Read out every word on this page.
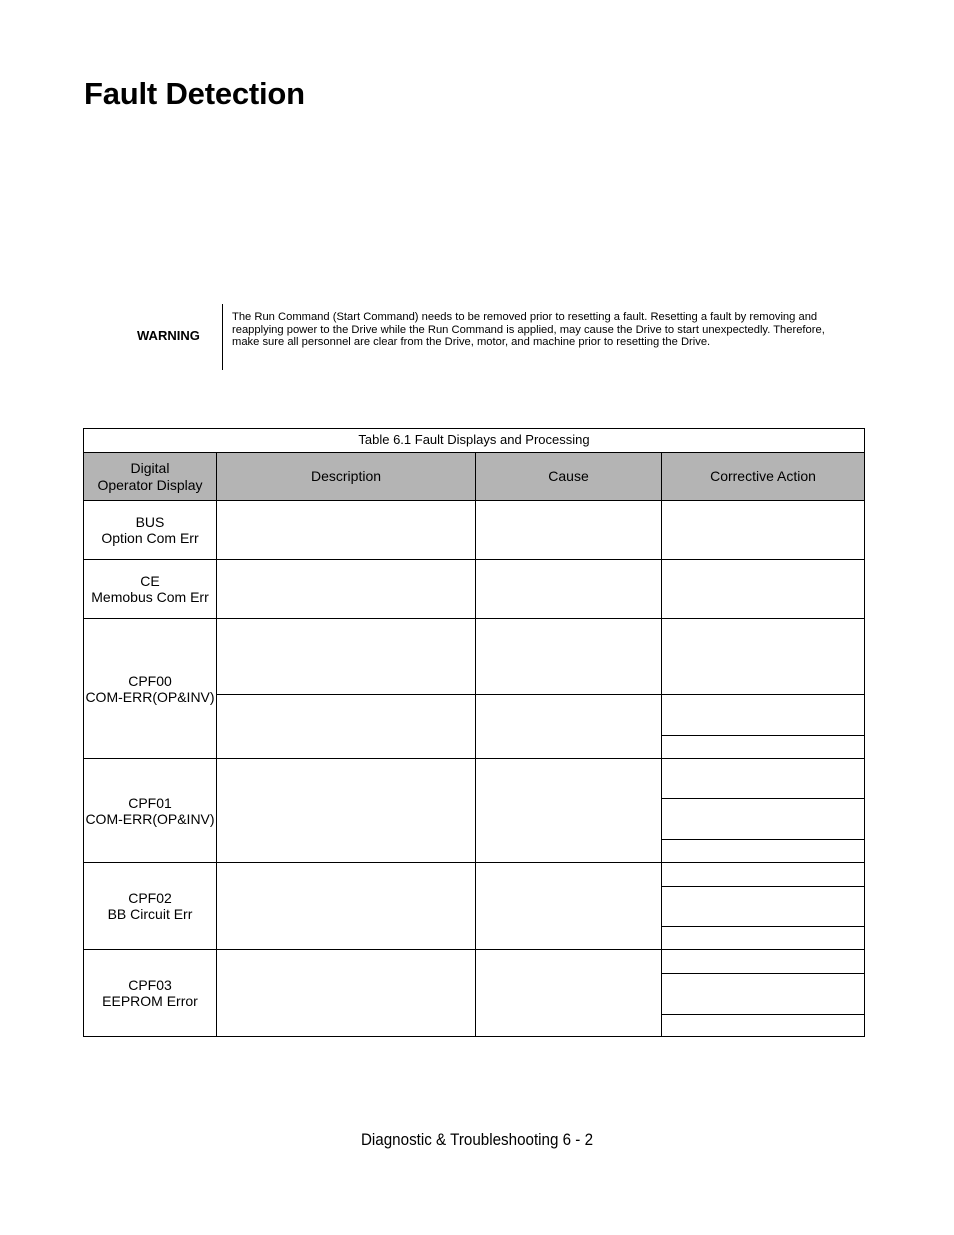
Fault Detection
WARNING
The Run Command (Start Command) needs to be removed prior to resetting a fault. Resetting a fault by removing and reapplying power to the Drive while the Run Command is applied, may cause the Drive to start unexpectedly. Therefore, make sure all personnel are clear from the Drive, motor, and machine prior to resetting the Drive.
Table 6.1 Fault Displays and Processing
Digital
Operator Display
Description	Cause	Corrective Action
BUS
Option Com Err
CE
Memobus Com Err
CPF00
COM-ERR(OP&INV)
CPF01
COM-ERR(OP&INV)
CPF02
BB Circuit Err
CPF03
EEPROM Error
Diagnostic & Troubleshooting 6 - 2
